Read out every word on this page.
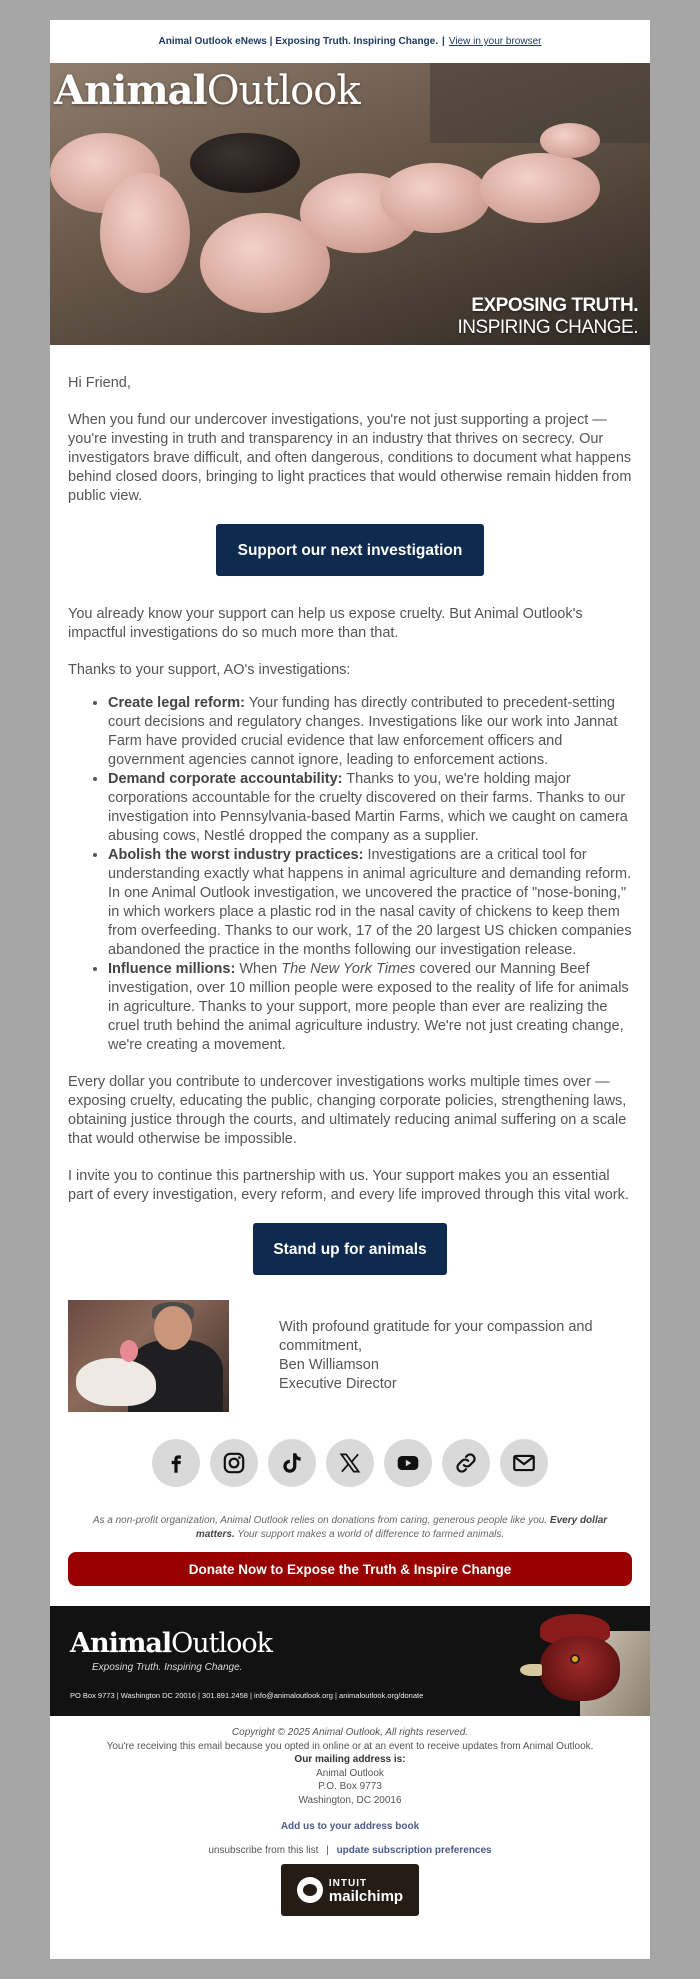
Animal Outlook eNews | Exposing Truth. Inspiring Change. | View in your browser
AnimalOutlook
EXPOSING TRUTH.
INSPIRING CHANGE.

Hi Friend,

When you fund our undercover investigations, you're not just supporting a project — you're investing in truth and transparency in an industry that thrives on secrecy. Our investigators brave difficult, and often dangerous, conditions to document what happens behind closed doors, bringing to light practices that would otherwise remain hidden from public view.

Support our next investigation

You already know your support can help us expose cruelty. But Animal Outlook's impactful investigations do so much more than that.

Thanks to your support, AO's investigations:

• Create legal reform: Your funding has directly contributed to precedent-setting court decisions and regulatory changes. Investigations like our work into Jannat Farm have provided crucial evidence that law enforcement officers and government agencies cannot ignore, leading to enforcement actions.
• Demand corporate accountability: Thanks to you, we're holding major corporations accountable for the cruelty discovered on their farms. Thanks to our investigation into Pennsylvania-based Martin Farms, which we caught on camera abusing cows, Nestlé dropped the company as a supplier.
• Abolish the worst industry practices: Investigations are a critical tool for understanding exactly what happens in animal agriculture and demanding reform. In one Animal Outlook investigation, we uncovered the practice of "nose-boning," in which workers place a plastic rod in the nasal cavity of chickens to keep them from overfeeding. Thanks to our work, 17 of the 20 largest US chicken companies abandoned the practice in the months following our investigation release.
• Influence millions: When The New York Times covered our Manning Beef investigation, over 10 million people were exposed to the reality of life for animals in agriculture. Thanks to your support, more people than ever are realizing the cruel truth behind the animal agriculture industry. We're not just creating change, we're creating a movement.

Every dollar you contribute to undercover investigations works multiple times over — exposing cruelty, educating the public, changing corporate policies, strengthening laws, obtaining justice through the courts, and ultimately reducing animal suffering on a scale that would otherwise be impossible.

I invite you to continue this partnership with us. Your support makes you an essential part of every investigation, every reform, and every life improved through this vital work.

Stand up for animals
With profound gratitude for your compassion and commitment,
Ben Williamson
Executive Director
As a non-profit organization, Animal Outlook relies on donations from caring, generous people like you. Every dollar matters. Your support makes a world of difference to farmed animals.
Donate Now to Expose the Truth & Inspire Change
AnimalOutlook
Exposing Truth. Inspiring Change.
PO Box 9773 | Washington DC 20016 | 301.891.2458 | info@animaloutlook.org | animaloutlook.org/donate
Copyright © 2025 Animal Outlook, All rights reserved.
You're receiving this email because you opted in online or at an event to receive updates from Animal Outlook.
Our mailing address is:
Animal Outlook
P.O. Box 9773
Washington, DC 20016
Add us to your address book
unsubscribe from this list | update subscription preferences
INTUIT
mailchimp
